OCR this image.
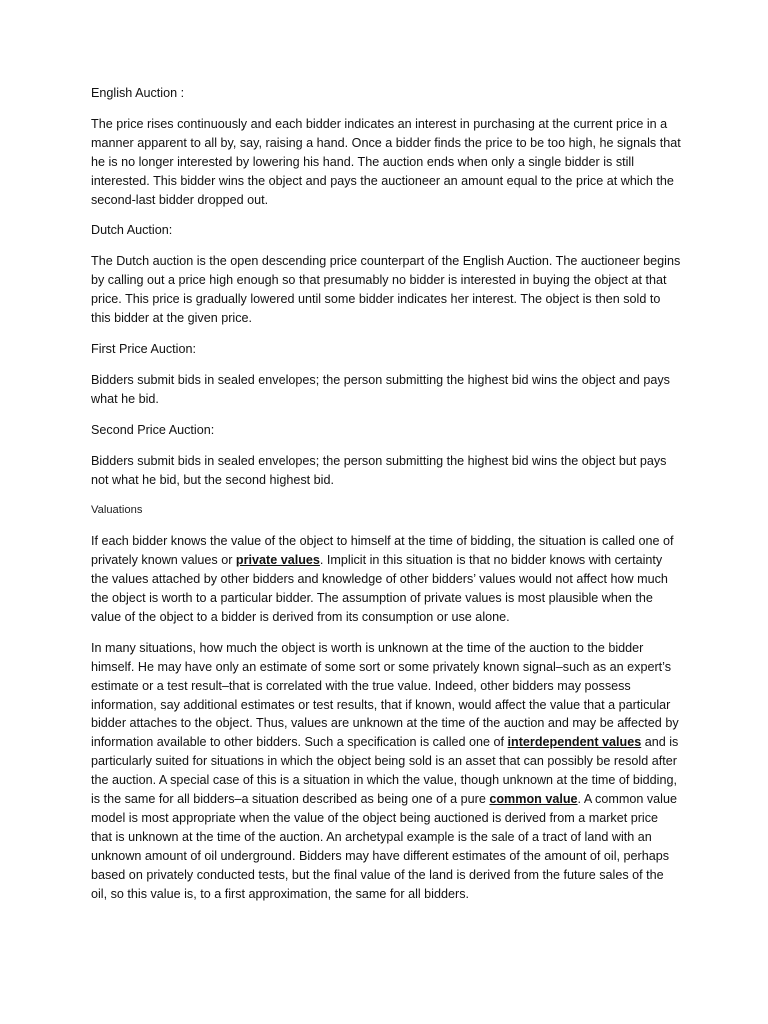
English Auction :

The price rises continuously and each bidder indicates an interest in purchasing at the current price in a manner apparent to all by, say, raising a hand. Once a bidder finds the price to be too high, he signals that he is no longer interested by lowering his hand. The auction ends when only a single bidder is still interested. This bidder wins the object and pays the auctioneer an amount equal to the price at which the second-last bidder dropped out.

Dutch Auction:

The Dutch auction is the open descending price counterpart of the English Auction. The auctioneer begins by calling out a price high enough so that presumably no bidder is interested in buying the object at that price. This price is gradually lowered until some bidder indicates her interest. The object is then sold to this bidder at the given price.

First Price Auction:

Bidders submit bids in sealed envelopes; the person submitting the highest bid wins the object and pays what he bid.

Second Price Auction:

Bidders submit bids in sealed envelopes; the person submitting the highest bid wins the object but pays not what he bid, but the second highest bid.

Valuations

If each bidder knows the value of the object to himself at the time of bidding, the situation is called one of privately known values or private values. Implicit in this situation is that no bidder knows with certainty the values attached by other bidders and knowledge of other bidders’ values would not affect how much the object is worth to a particular bidder. The assumption of private values is most plausible when the value of the object to a bidder is derived from its consumption or use alone.

In many situations, how much the object is worth is unknown at the time of the auction to the bidder himself. He may have only an estimate of some sort or some privately known signal–such as an expert’s estimate or a test result–that is correlated with the true value. Indeed, other bidders may possess information, say additional estimates or test results, that if known, would affect the value that a particular bidder attaches to the object. Thus, values are unknown at the time of the auction and may be affected by information available to other bidders. Such a specification is called one of interdependent values and is particularly suited for situations in which the object being sold is an asset that can possibly be resold after the auction. A special case of this is a situation in which the value, though unknown at the time of bidding, is the same for all bidders–a situation described as being one of a pure common value. A common value model is most appropriate when the value of the object being auctioned is derived from a market price that is unknown at the time of the auction. An archetypal example is the sale of a tract of land with an unknown amount of oil underground. Bidders may have different estimates of the amount of oil, perhaps based on privately conducted tests, but the final value of the land is derived from the future sales of the oil, so this value is, to a first approximation, the same for all bidders.
